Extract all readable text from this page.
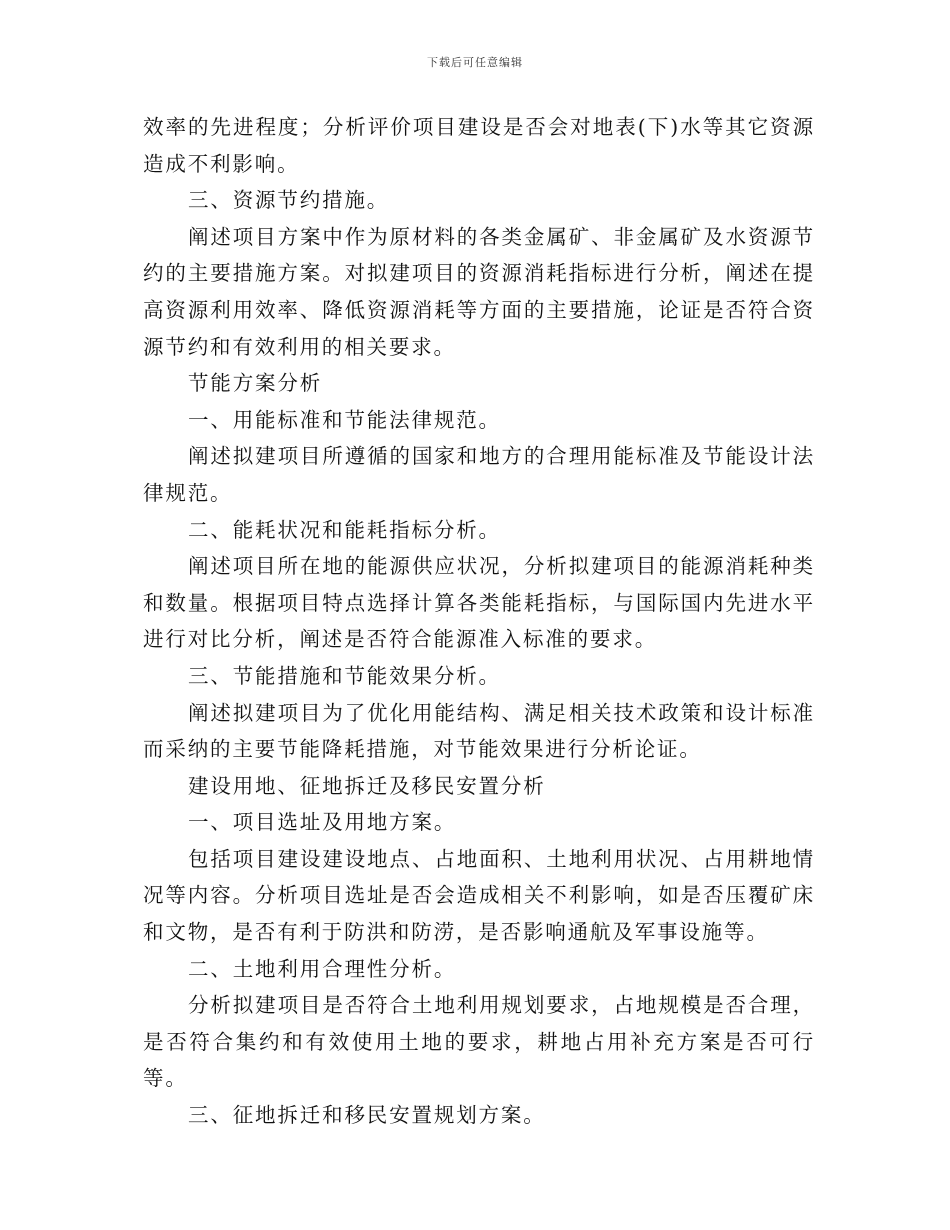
下载后可任意编辑

效率的先进程度；分析评价项目建设是否会对地表(下)水等其它资源造成不利影响。

三、资源节约措施。

阐述项目方案中作为原材料的各类金属矿、非金属矿及水资源节约的主要措施方案。对拟建项目的资源消耗指标进行分析，阐述在提高资源利用效率、降低资源消耗等方面的主要措施，论证是否符合资源节约和有效利用的相关要求。

节能方案分析

一、用能标准和节能法律规范。

阐述拟建项目所遵循的国家和地方的合理用能标准及节能设计法律规范。

二、能耗状况和能耗指标分析。

阐述项目所在地的能源供应状况，分析拟建项目的能源消耗种类和数量。根据项目特点选择计算各类能耗指标，与国际国内先进水平进行对比分析，阐述是否符合能源准入标准的要求。

三、节能措施和节能效果分析。

阐述拟建项目为了优化用能结构、满足相关技术政策和设计标准而采纳的主要节能降耗措施，对节能效果进行分析论证。

建设用地、征地拆迁及移民安置分析

一、项目选址及用地方案。

包括项目建设建设地点、占地面积、土地利用状况、占用耕地情况等内容。分析项目选址是否会造成相关不利影响，如是否压覆矿床和文物，是否有利于防洪和防涝，是否影响通航及军事设施等。

二、土地利用合理性分析。

分析拟建项目是否符合土地利用规划要求，占地规模是否合理，是否符合集约和有效使用土地的要求，耕地占用补充方案是否可行等。

三、征地拆迁和移民安置规划方案。
